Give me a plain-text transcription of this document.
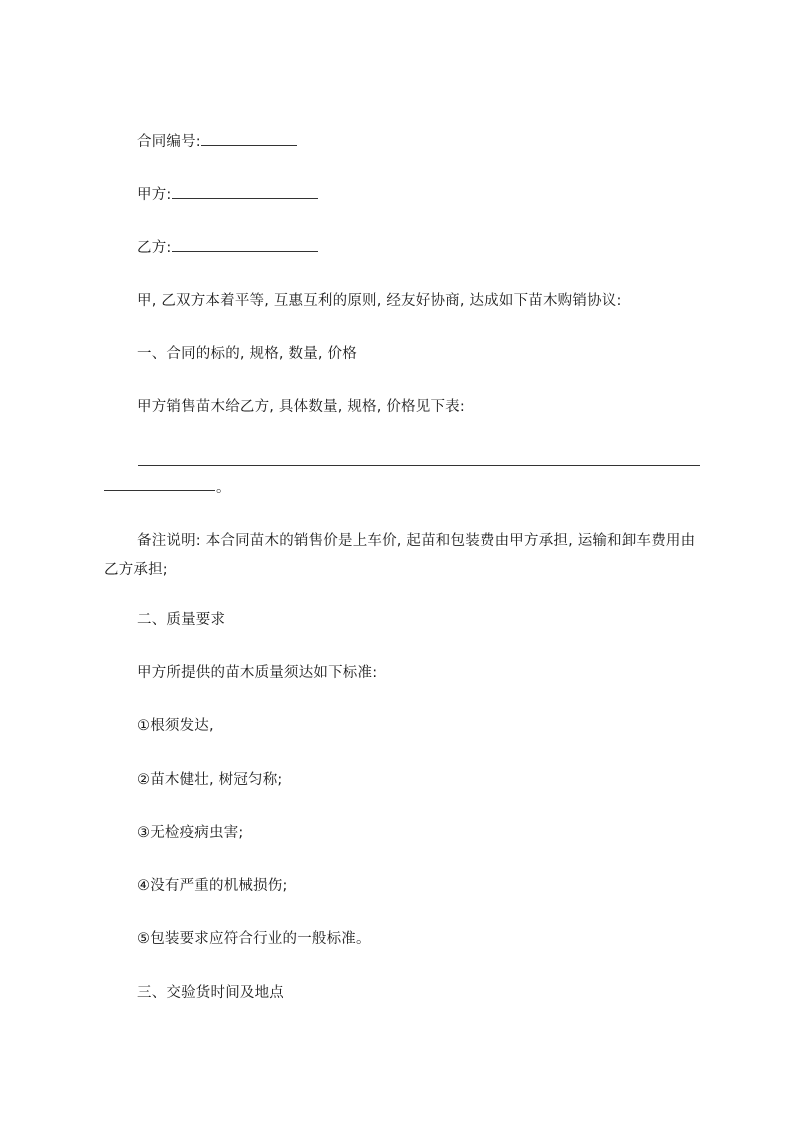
合同编号:
甲方:
乙方:
甲, 乙双方本着平等, 互惠互利的原则, 经友好协商, 达成如下苗木购销协议:
一、合同的标的, 规格, 数量, 价格
甲方销售苗木给乙方, 具体数量, 规格, 价格见下表:
。
备注说明: 本合同苗木的销售价是上车价, 起苗和包装费由甲方承担, 运输和卸车费用由乙方承担;
二、质量要求
甲方所提供的苗木质量须达如下标准:
①根须发达,
②苗木健壮, 树冠匀称;
③无检疫病虫害;
④没有严重的机械损伤;
⑤包装要求应符合行业的一般标准。
三、交验货时间及地点
